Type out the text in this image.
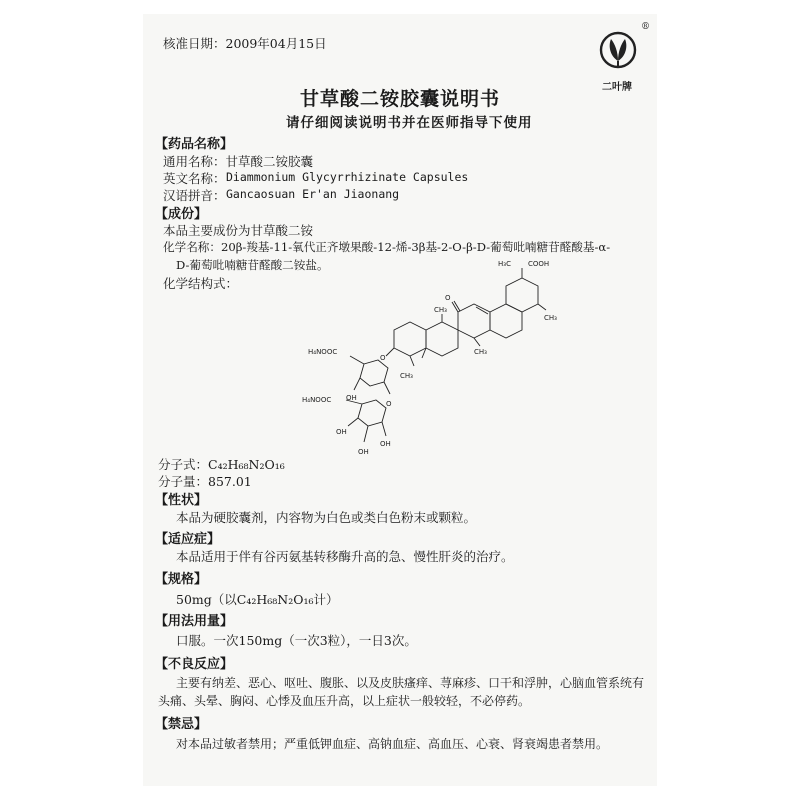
核准日期：2009年04月15日
®
二叶牌
甘草酸二铵胶囊说明书
请仔细阅读说明书并在医师指导下使用
【药品名称】
通用名称：甘草酸二铵胶囊
英文名称： Diammonium Glycyrrhizinate Capsules
汉语拼音： Gancaosuan Er'an Jiaonang
【成份】
本品主要成份为甘草酸二铵
化学名称：20β-羧基-11-氧代正齐墩果酸-12-烯-3β基-2-O-β-D-葡萄吡喃糖苷醛酸基-α-
D-葡萄吡喃糖苷醛酸二铵盐。
化学结构式：
H₃C COOH
O
CH₃
CH₃
CH₃
CH₃
H₄NOOC
H₄NOOC
O
O
OH
OH
OH
OH
分子式：C₄₂H₆₈N₂O₁₆
分子量：857.01
【性状】
本品为硬胶囊剂，内容物为白色或类白色粉末或颗粒。
【适应症】
本品适用于伴有谷丙氨基转移酶升高的急、慢性肝炎的治疗。
【规格】
50mg（以C₄₂H₆₈N₂O₁₆计）
【用法用量】
口服。一次150mg（一次3粒），一日3次。
【不良反应】
主要有纳差、恶心、呕吐、腹胀、以及皮肤瘙痒、荨麻疹、口干和浮肿，心脑血管系统有
头痛、头晕、胸闷、心悸及血压升高，以上症状一般较轻，不必停药。
【禁忌】
对本品过敏者禁用；严重低钾血症、高钠血症、高血压、心衰、肾衰竭患者禁用。
